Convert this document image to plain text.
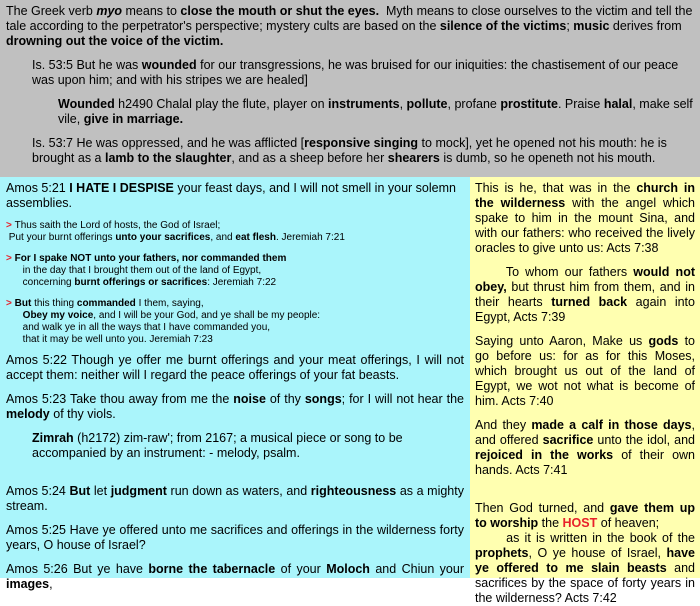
The Greek verb myo means to close the mouth or shut the eyes.  Myth means to close ourselves to the victim and tell the tale according to the perpetrator's perspective; mystery cults are based on the silence of the victims; music derives from drowning out the voice of the victim.

Is. 53:5 But he was wounded for our transgressions, he was bruised for our iniquities: the chastisement of our peace was upon him; and with his stripes we are healed]

Wounded h2490 Chalal play the flute, player on instruments, pollute, profane prostitute. Praise halal, make self vile, give in marriage.

Is. 53:7 He was oppressed, and he was afflicted [responsive singing to mock], yet he opened not his mouth: he is brought as a lamb to the slaughter, and as a sheep before her shearers is dumb, so he openeth not his mouth.

Amos 5:21 I HATE I DESPISE your feast days, and I will not smell in your solemn assemblies.

> Thus saith the Lord of hosts, the God of Israel;
Put your burnt offerings unto your sacrifices, and eat flesh. Jeremiah 7:21

> For I spake NOT unto your fathers, nor commanded them
in the day that I brought them out of the land of Egypt,
concerning burnt offerings or sacrifices: Jeremiah 7:22

> But this thing commanded I them, saying,
Obey my voice, and I will be your God, and ye shall be my people:
and walk ye in all the ways that I have commanded you,
that it may be well unto you. Jeremiah 7:23

Amos 5:22 Though ye offer me burnt offerings and your meat offerings, I will not accept them: neither will I regard the peace offerings of your fat beasts.

Amos 5:23 Take thou away from me the noise of thy songs; for I will not hear the melody of thy viols.

Zimrah (h2172) zim-raw'; from 2167; a musical piece or song to be accompanied by an instrument: - melody, psalm.

Amos 5:24 But let judgment run down as waters, and righteousness as a mighty stream.

Amos 5:25 Have ye offered unto me sacrifices and offerings in the wilderness forty years, O house of Israel?

Amos 5:26 But ye have borne the tabernacle of your Moloch and Chiun your images,

This is he, that was in the church in the wilderness with the angel which spake to him in the mount Sina, and with our fathers: who received the lively oracles to give unto us: Acts 7:38

To whom our fathers would not obey, but thrust him from them, and in their hearts turned back again into Egypt, Acts 7:39

Saying unto Aaron, Make us gods to go before us: for as for this Moses, which brought us out of the land of Egypt, we wot not what is become of him. Acts 7:40

And they made a calf in those days, and offered sacrifice unto the idol, and rejoiced in the works of their own hands. Acts 7:41

Then God turned, and gave them up to worship the HOST of heaven;
as it is written in the book of the prophets, O ye house of Israel, have ye offered to me slain beasts and sacrifices by the space of forty years in the wilderness? Acts 7:42
